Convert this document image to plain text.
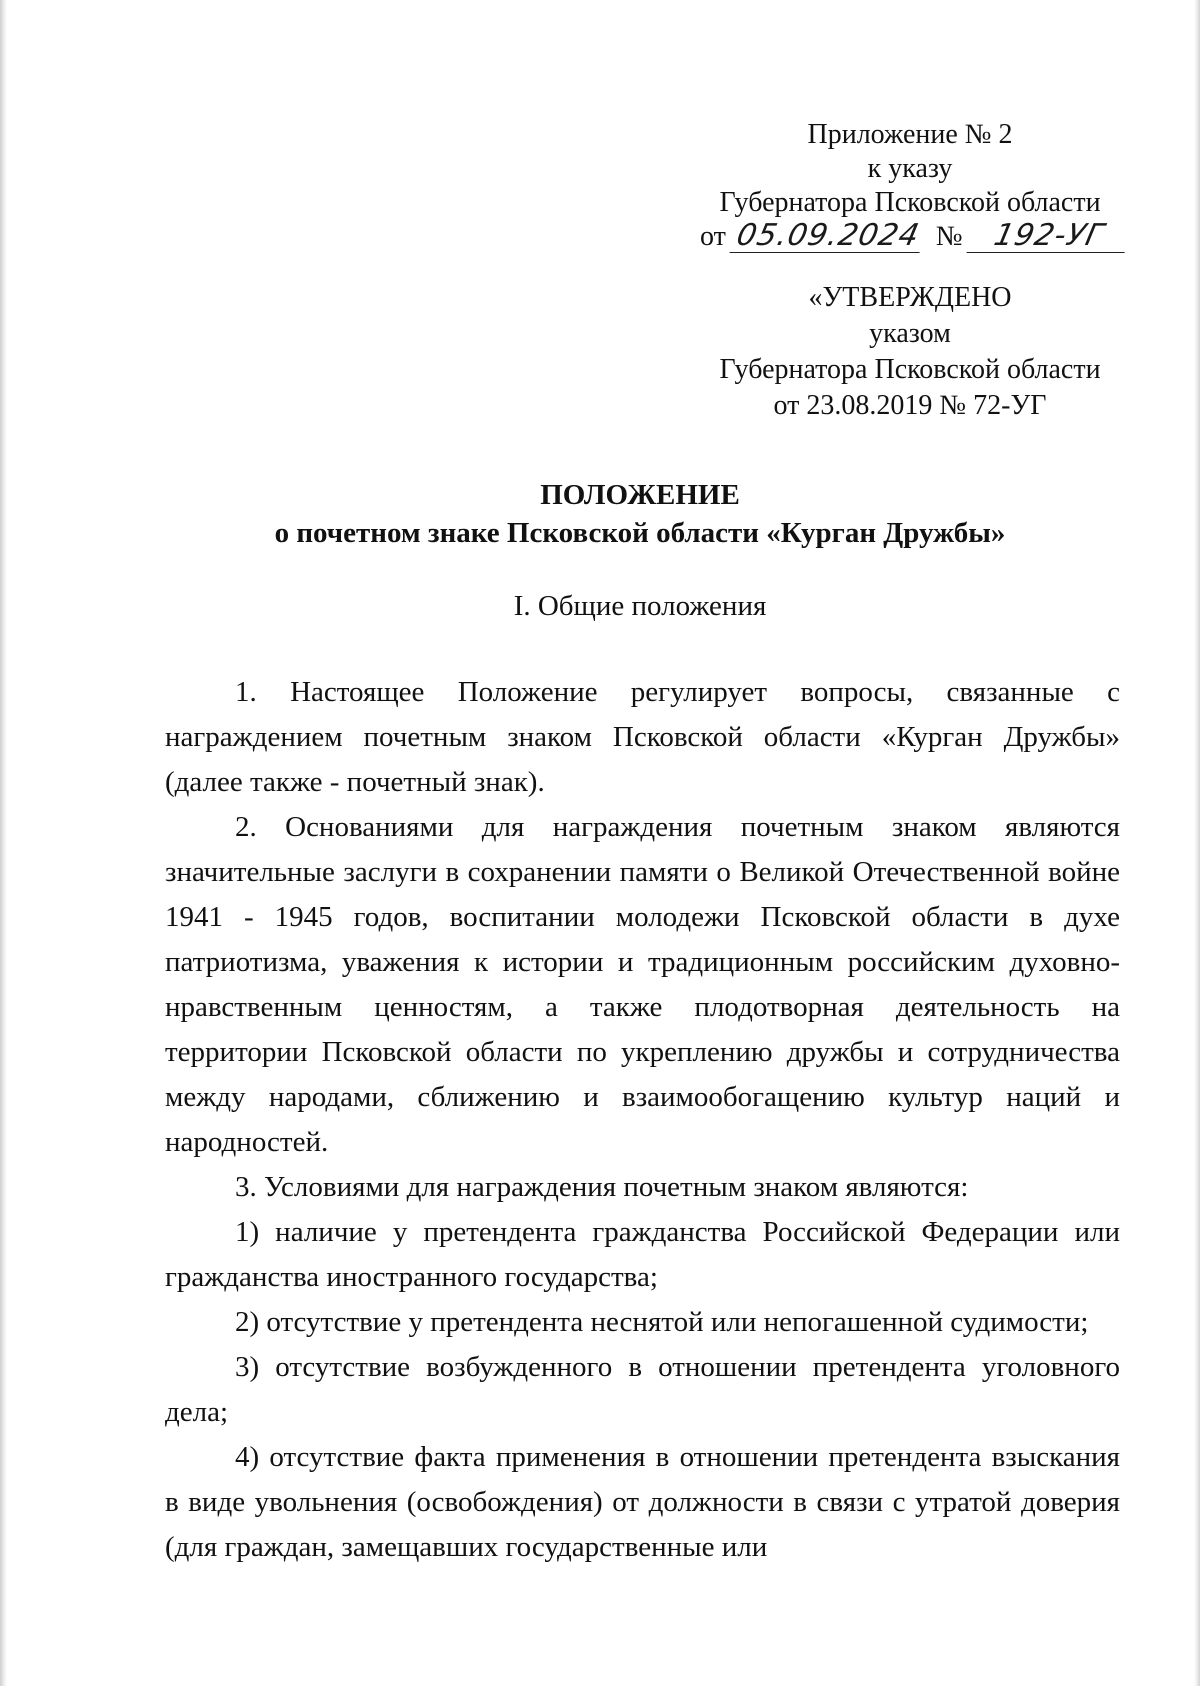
Приложение № 2
к указу
Губернатора Псковской области
от 05.09.2024 № 192-УГ
«УТВЕРЖДЕНО
указом
Губернатора Псковской области
от 23.08.2019 № 72-УГ
ПОЛОЖЕНИЕ
о почетном знаке Псковской области «Курган Дружбы»
I. Общие положения

1. Настоящее Положение регулирует вопросы, связанные с награждением почетным знаком Псковской области «Курган Дружбы» (далее также - почетный знак).

2. Основаниями для награждения почетным знаком являются значительные заслуги в сохранении памяти о Великой Отечественной войне 1941 - 1945 годов, воспитании молодежи Псковской области в духе патриотизма, уважения к истории и традиционным российским духовно-нравственным ценностям, а также плодотворная деятельность на территории Псковской области по укреплению дружбы и сотрудничества между народами, сближению и взаимообогащению культур наций и народностей.

3. Условиями для награждения почетным знаком являются:

1) наличие у претендента гражданства Российской Федерации или гражданства иностранного государства;

2) отсутствие у претендента неснятой или непогашенной судимости;

3) отсутствие возбужденного в отношении претендента уголовного дела;

4) отсутствие факта применения в отношении претендента взыскания в виде увольнения (освобождения) от должности в связи с утратой доверия (для граждан, замещавших государственные или
